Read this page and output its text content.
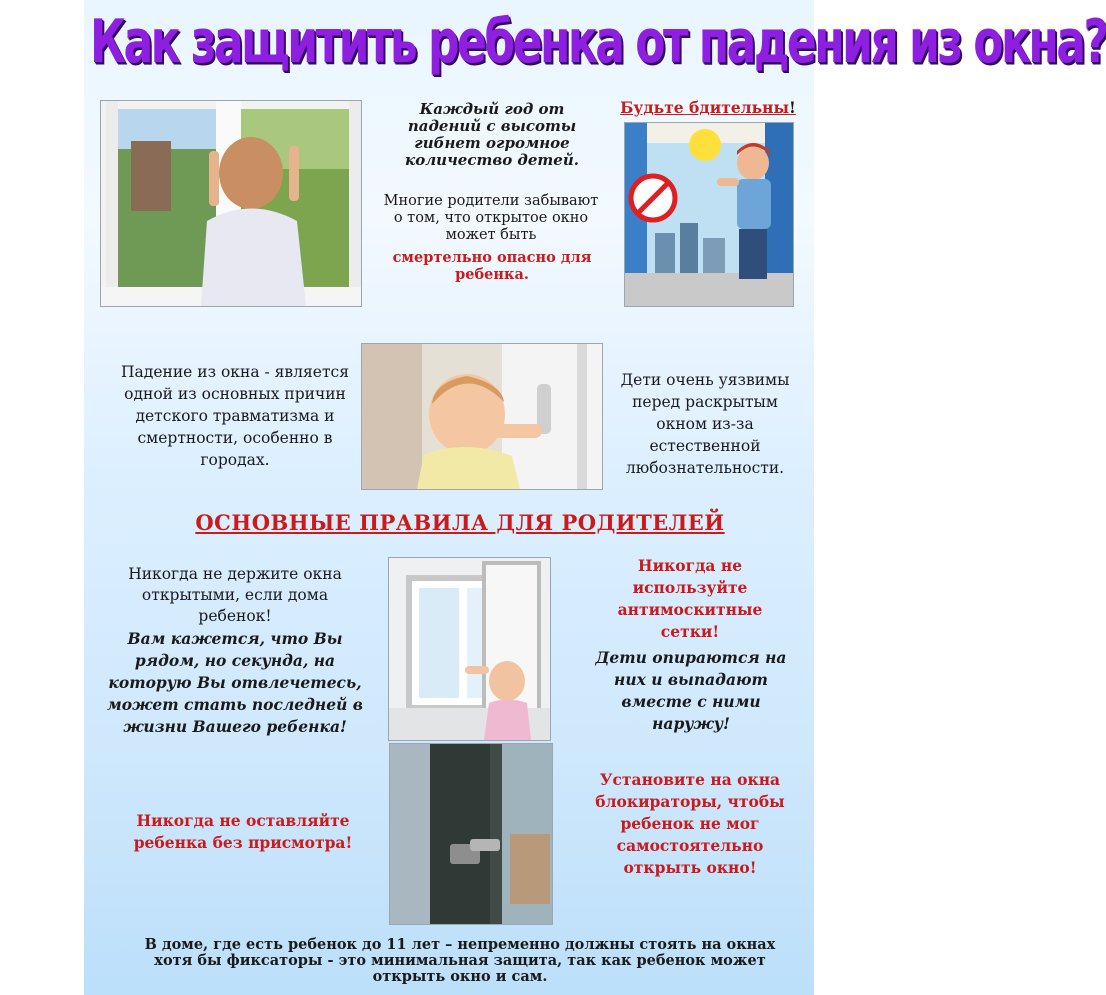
Как защитить ребенка от падения из окна?
Каждый год от падений с высоты гибнет огромное количество детей.
Многие родители забывают о том, что открытое окно может быть
смертельно опасно для ребенка.
Будьте бдительны!
Падение из окна - является одной из основных причин детского травматизма и смертности, особенно в городах.
Дети очень уязвимы перед раскрытым окном из-за естественной любознательности.
ОСНОВНЫЕ ПРАВИЛА ДЛЯ РОДИТЕЛЕЙ
Никогда не держите окна открытыми, если дома ребенок!
Вам кажется, что Вы рядом, но секунда, на которую Вы отвлечетесь, может стать последней в жизни Вашего ребенка!
Никогда не оставляйте ребенка без присмотра!
Никогда не используйте антимоскитные сетки!
Дети опираются на них и выпадают вместе с ними наружу!
Установите на окна блокираторы, чтобы ребенок не мог самостоятельно открыть окно!
В доме, где есть ребенок до 11 лет – непременно должны стоять на окнах хотя бы фиксаторы - это минимальная защита, так как ребенок может открыть окно и сам.
